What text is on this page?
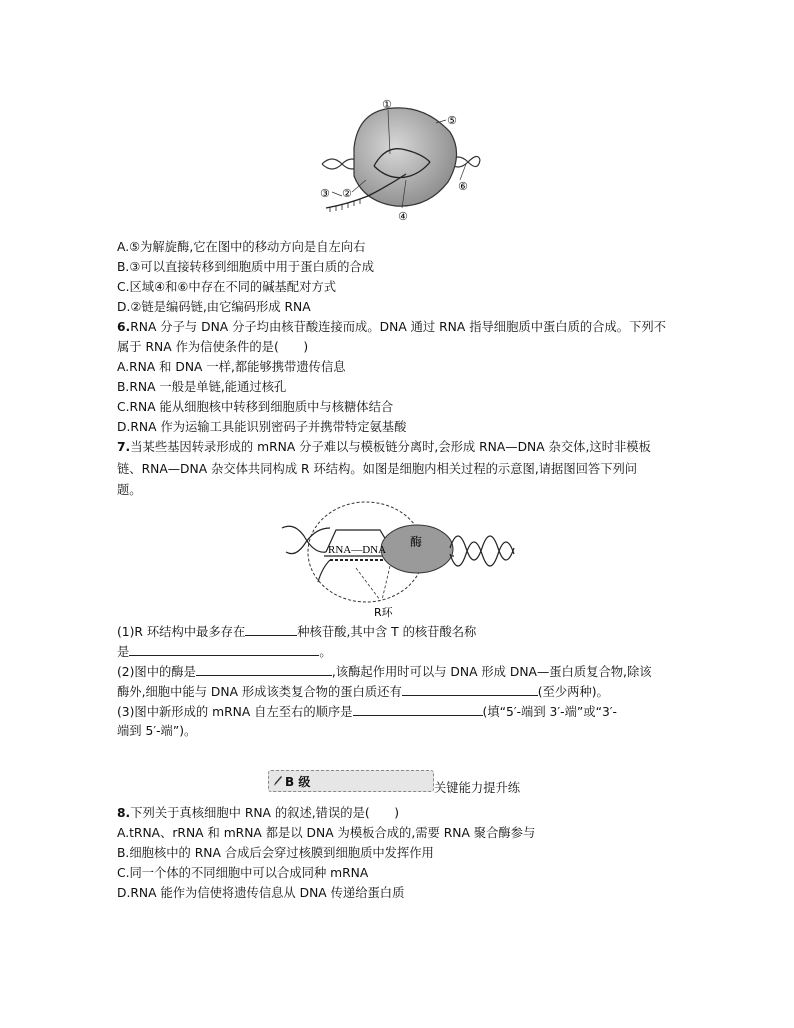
①
②
③
④
⑤
⑥
A.⑤为解旋酶,它在图中的移动方向是自左向右
B.③可以直接转移到细胞质中用于蛋白质的合成
C.区域④和⑥中存在不同的碱基配对方式
D.②链是编码链,由它编码形成 RNA
6.RNA 分子与 DNA 分子均由核苷酸连接而成。DNA 通过 RNA 指导细胞质中蛋白质的合成。下列不
属于 RNA 作为信使条件的是(　　)
A.RNA 和 DNA 一样,都能够携带遗传信息
B.RNA 一般是单链,能通过核孔
C.RNA 能从细胞核中转移到细胞质中与核糖体结合
D.RNA 作为运输工具能识别密码子并携带特定氨基酸
7.当某些基因转录形成的 mRNA 分子难以与模板链分离时,会形成 RNA—DNA 杂交体,这时非模板
链、RNA—DNA 杂交体共同构成 R 环结构。如图是细胞内相关过程的示意图,请据图回答下列问
题。
RNA—DNA
酶
R环
(1)R 环结构中最多存在	种核苷酸,其中含 T 的核苷酸名称
是	。
(2)图中的酶是	,该酶起作用时可以与 DNA 形成 DNA—蛋白质复合物,除该
酶外,细胞中能与 DNA 形成该类复合物的蛋白质还有	(至少两种)。
(3)图中新形成的 mRNA 自左至右的顺序是	(填“5′-端到 3′-端”或“3′-
端到 5′-端”)。
B 级	关键能力提升练
8.下列关于真核细胞中 RNA 的叙述,错误的是(　　)
A.tRNA、rRNA 和 mRNA 都是以 DNA 为模板合成的,需要 RNA 聚合酶参与
B.细胞核中的 RNA 合成后会穿过核膜到细胞质中发挥作用
C.同一个体的不同细胞中可以合成同种 mRNA
D.RNA 能作为信使将遗传信息从 DNA 传递给蛋白质
